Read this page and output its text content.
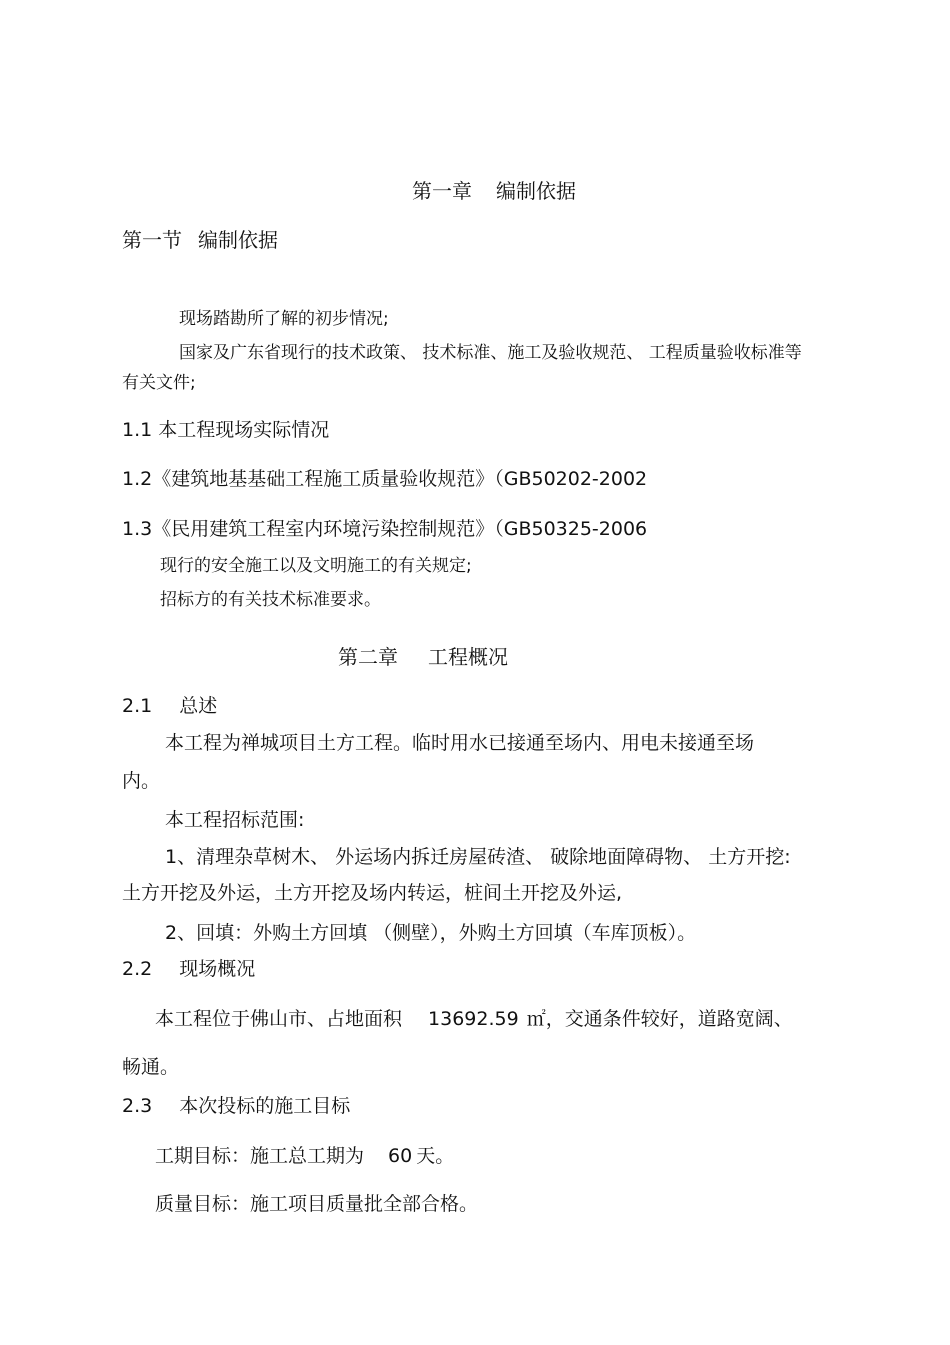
第一章 编制依据
第一节 编制依据
现场踏勘所了解的初步情况;
国家及广东省现行的技术政策、 技术标准、施工及验收规范、 工程质量验收标准等
有关文件;
1.1 本工程现场实际情况
1.2《建筑地基基础工程施工质量验收规范》（GB50202-2002
1.3《民用建筑工程室内环境污染控制规范》（GB50325-2006
现行的安全施工以及文明施工的有关规定;
招标方的有关技术标准要求。
第二章 工程概况
2.1 总述
本工程为禅城项目土方工程。临时用水已接通至场内、用电未接通至场
内。
本工程招标范围:
1、清理杂草树木、 外运场内拆迁房屋砖渣、 破除地面障碍物、 土方开挖:
土方开挖及外运，土方开挖及场内转运，桩间土开挖及外运,
2、回填：外购土方回填 （侧壁），外购土方回填（车库顶板）。
2.2 现场概况
本工程位于佛山市、占地面积 13692.59 ㎡，交通条件较好，道路宽阔、
畅通。
2.3 本次投标的施工目标
工期目标：施工总工期为 60 天。
质量目标：施工项目质量批全部合格。
